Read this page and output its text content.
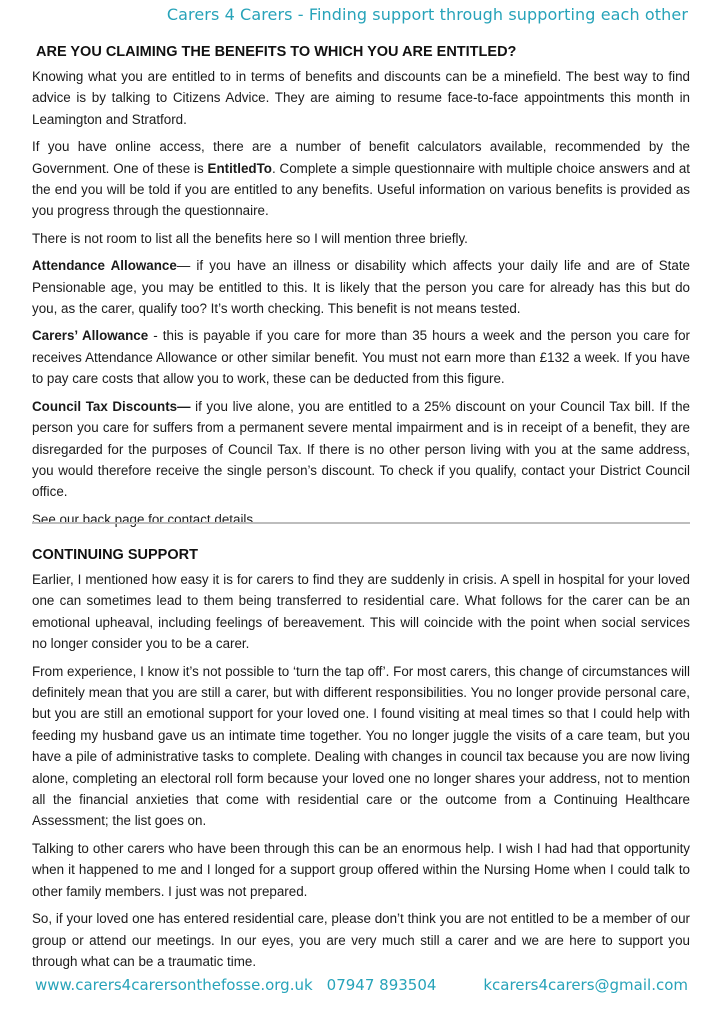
Carers 4 Carers - Finding support through supporting each other
ARE YOU CLAIMING THE BENEFITS TO WHICH YOU ARE ENTITLED?

Knowing what you are entitled to in terms of benefits and discounts can be a minefield. The best way to find advice is by talking to Citizens Advice. They are aiming to resume face-to-face appointments this month in Leamington and Stratford.

If you have online access, there are a number of benefit calculators available, recommended by the Government. One of these is EntitledTo. Complete a simple questionnaire with multiple choice answers and at the end you will be told if you are entitled to any benefits. Useful information on various benefits is provided as you progress through the questionnaire.

There is not room to list all the benefits here so I will mention three briefly.

Attendance Allowance— if you have an illness or disability which affects your daily life and are of State Pensionable age, you may be entitled to this. It is likely that the person you care for already has this but do you, as the carer, qualify too? It’s worth checking. This benefit is not means tested.

Carers’ Allowance - this is payable if you care for more than 35 hours a week and the person you care for receives Attendance Allowance or other similar benefit. You must not earn more than £132 a week. If you have to pay care costs that allow you to work, these can be deducted from this figure.

Council Tax Discounts— if you live alone, you are entitled to a 25% discount on your Council Tax bill. If the person you care for suffers from a permanent severe mental impairment and is in receipt of a benefit, they are disregarded for the purposes of Council Tax. If there is no other person living with you at the same address, you would therefore receive the single person’s discount. To check if you qualify, contact your District Council office.

See our back page for contact details.

CONTINUING SUPPORT

Earlier, I mentioned how easy it is for carers to find they are suddenly in crisis. A spell in hospital for your loved one can sometimes lead to them being transferred to residential care. What follows for the carer can be an emotional upheaval, including feelings of bereavement. This will coincide with the point when social services no longer consider you to be a carer.

From experience, I know it’s not possible to ‘turn the tap off’. For most carers, this change of circumstances will definitely mean that you are still a carer, but with different responsibilities. You no longer provide personal care, but you are still an emotional support for your loved one. I found visiting at meal times so that I could help with feeding my husband gave us an intimate time together. You no longer juggle the visits of a care team, but you have a pile of administrative tasks to complete. Dealing with changes in council tax because you are now living alone, completing an electoral roll form because your loved one no longer shares your address, not to mention all the financial anxieties that come with residential care or the outcome from a Continuing Healthcare Assessment; the list goes on.

Talking to other carers who have been through this can be an enormous help. I wish I had had that opportunity when it happened to me and I longed for a support group offered within the Nursing Home when I could talk to other family members. I just was not prepared.

So, if your loved one has entered residential care, please don’t think you are not entitled to be a member of our group or attend our meetings. In our eyes, you are very much still a carer and we are here to support you through what can be a traumatic time.

www.carers4carersonthefosse.org.uk 07947 893504	kcarers4carers@gmail.com
